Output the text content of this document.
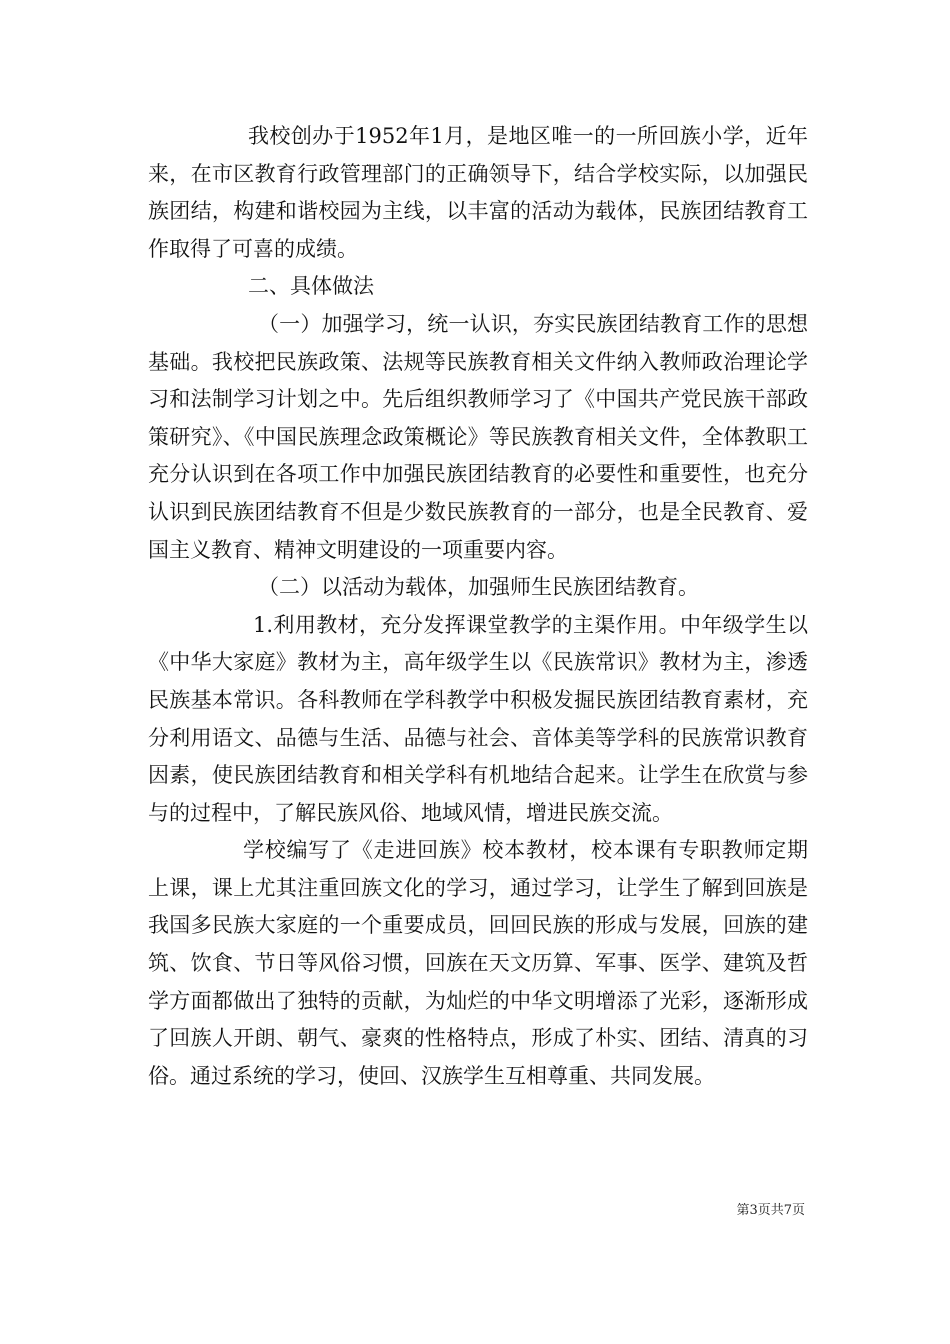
我校创办于1952年1月，是地区唯一的一所回族小学，近年来，在市区教育行政管理部门的正确领导下，结合学校实际，以加强民族团结，构建和谐校园为主线，以丰富的活动为载体，民族团结教育工作取得了可喜的成绩。

二、具体做法

（一）加强学习，统一认识，夯实民族团结教育工作的思想基础。我校把民族政策、法规等民族教育相关文件纳入教师政治理论学习和法制学习计划之中。先后组织教师学习了《中国共产党民族干部政策研究》、《中国民族理念政策概论》等民族教育相关文件，全体教职工充分认识到在各项工作中加强民族团结教育的必要性和重要性，也充分认识到民族团结教育不但是少数民族教育的一部分，也是全民教育、爱国主义教育、精神文明建设的一项重要内容。

（二）以活动为载体，加强师生民族团结教育。

1.利用教材，充分发挥课堂教学的主渠作用。中年级学生以《中华大家庭》教材为主，高年级学生以《民族常识》教材为主，渗透民族基本常识。各科教师在学科教学中积极发掘民族团结教育素材，充分利用语文、品德与生活、品德与社会、音体美等学科的民族常识教育因素，使民族团结教育和相关学科有机地结合起来。让学生在欣赏与参与的过程中，了解民族风俗、地域风情，增进民族交流。

学校编写了《走进回族》校本教材，校本课有专职教师定期上课，课上尤其注重回族文化的学习，通过学习，让学生了解到回族是我国多民族大家庭的一个重要成员，回回民族的形成与发展，回族的建筑、饮食、节日等风俗习惯，回族在天文历算、军事、医学、建筑及哲学方面都做出了独特的贡献，为灿烂的中华文明增添了光彩，逐渐形成了回族人开朗、朝气、豪爽的性格特点，形成了朴实、团结、清真的习俗。通过系统的学习，使回、汉族学生互相尊重、共同发展。

第3页共7页
